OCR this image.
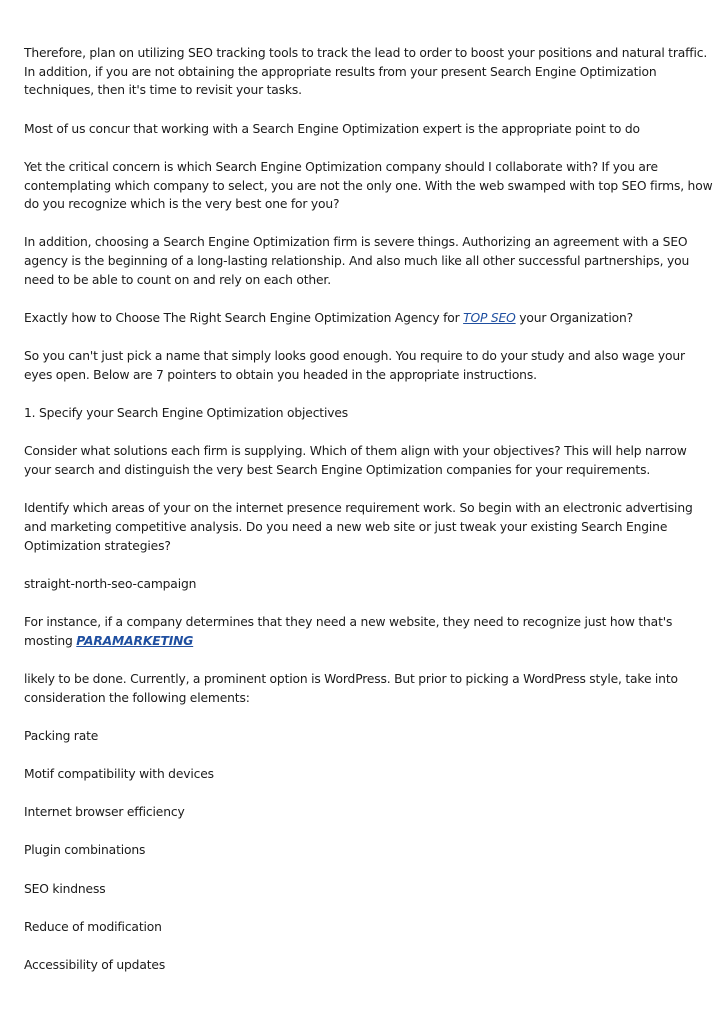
Therefore, plan on utilizing SEO tracking tools to track the lead to order to boost your positions and natural traffic. In addition, if you are not obtaining the appropriate results from your present Search Engine Optimization techniques, then it's time to revisit your tasks.

Most of us concur that working with a Search Engine Optimization expert is the appropriate point to do

Yet the critical concern is which Search Engine Optimization company should I collaborate with? If you are contemplating which company to select, you are not the only one. With the web swamped with top SEO firms, how do you recognize which is the very best one for you?

In addition, choosing a Search Engine Optimization firm is severe things. Authorizing an agreement with a SEO agency is the beginning of a long-lasting relationship. And also much like all other successful partnerships, you need to be able to count on and rely on each other.

Exactly how to Choose The Right Search Engine Optimization Agency for TOP SEO your Organization?

So you can't just pick a name that simply looks good enough. You require to do your study and also wage your eyes open. Below are 7 pointers to obtain you headed in the appropriate instructions.

1. Specify your Search Engine Optimization objectives

Consider what solutions each firm is supplying. Which of them align with your objectives? This will help narrow your search and distinguish the very best Search Engine Optimization companies for your requirements.

Identify which areas of your on the internet presence requirement work. So begin with an electronic advertising and marketing competitive analysis. Do you need a new web site or just tweak your existing Search Engine Optimization strategies?

straight-north-seo-campaign

For instance, if a company determines that they need a new website, they need to recognize just how that's mosting PARAMARKETING

likely to be done. Currently, a prominent option is WordPress. But prior to picking a WordPress style, take into consideration the following elements:

Packing rate

Motif compatibility with devices

Internet browser efficiency

Plugin combinations

SEO kindness

Reduce of modification

Accessibility of updates
